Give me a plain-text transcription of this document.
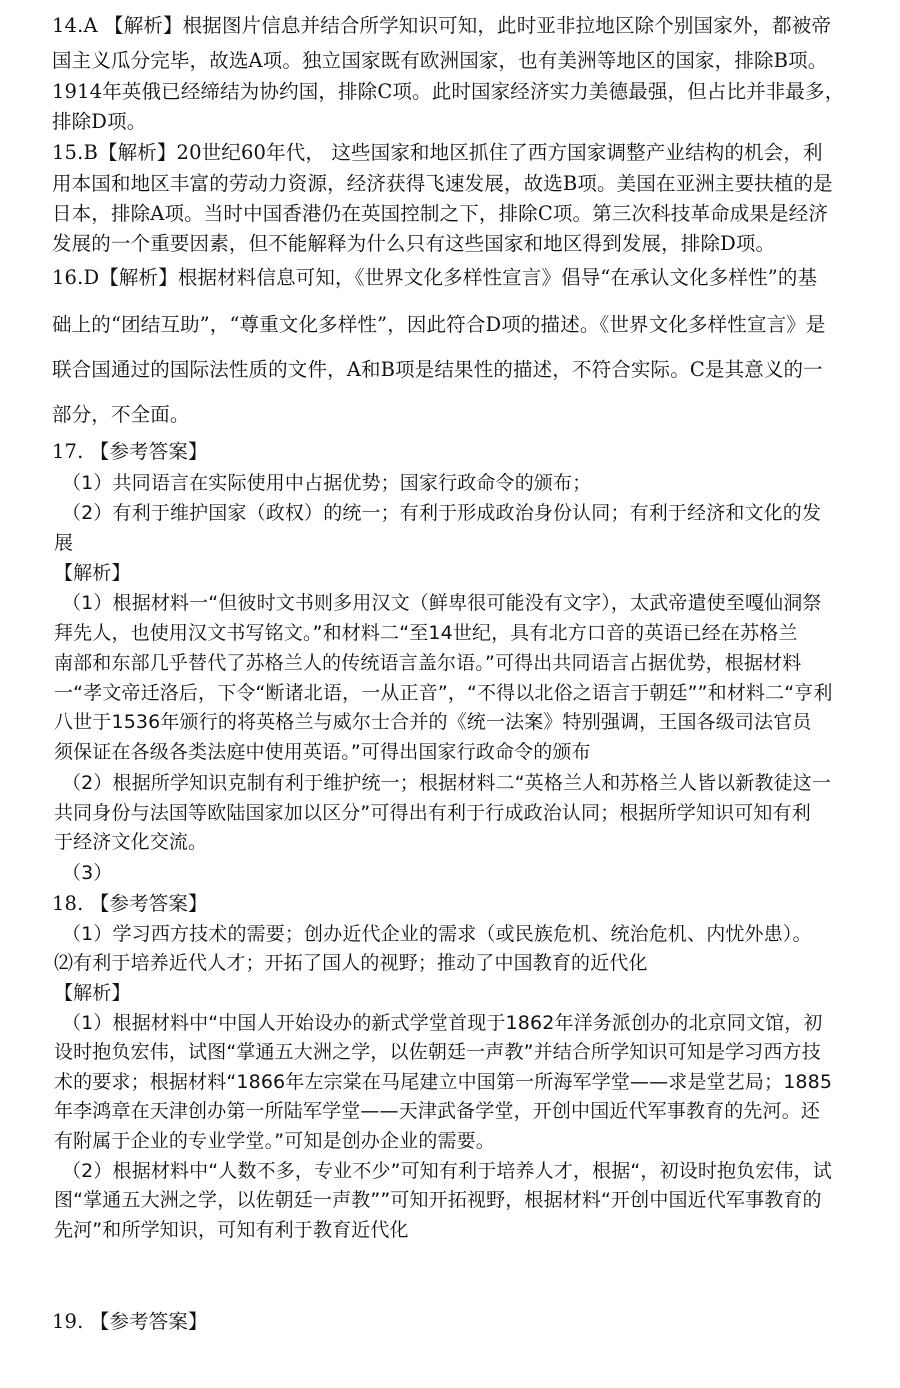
14.A 【解析】根据图片信息并结合所学知识可知，此时亚非拉地区除个别国家外，都被帝
国主义瓜分完毕，故选A项。独立国家既有欧洲国家，也有美洲等地区的国家，排除B项。
1914年英俄已经缔结为协约国，排除C项。此时国家经济实力美德最强，但占比并非最多，
排除D项。
15.B【解析】20世纪60年代， 这些国家和地区抓住了西方国家调整产业结构的机会，利
用本国和地区丰富的劳动力资源，经济获得飞速发展，故选B项。美国在亚洲主要扶植的是
日本，排除A项。当时中国香港仍在英国控制之下，排除C项。第三次科技革命成果是经济
发展的一个重要因素，但不能解释为什么只有这些国家和地区得到发展，排除D项。
16.D【解析】根据材料信息可知，《世界文化多样性宣言》倡导“在承认文化多样性”的基
础上的“团结互助”，“尊重文化多样性”，因此符合D项的描述。《世界文化多样性宣言》是
联合国通过的国际法性质的文件，A和B项是结果性的描述，不符合实际。C是其意义的一
部分，不全面。
17. 【参考答案】
（1）共同语言在实际使用中占据优势；国家行政命令的颁布；
（2）有利于维护国家（政权）的统一；有利于形成政治身份认同；有利于经济和文化的发
展
【解析】
（1）根据材料一“但彼时文书则多用汉文（鲜卑很可能没有文字），太武帝遣使至嘎仙洞祭
拜先人，也使用汉文书写铭文。”和材料二“至14世纪，具有北方口音的英语已经在苏格兰
南部和东部几乎替代了苏格兰人的传统语言盖尔语。”可得出共同语言占据优势，根据材料
一“孝文帝迁洛后，下令“断诸北语，一从正音”，“不得以北俗之语言于朝廷””和材料二“亨利
八世于1536年颁行的将英格兰与威尔士合并的《统一法案》特别强调，王国各级司法官员
须保证在各级各类法庭中使用英语。”可得出国家行政命令的颁布
（2）根据所学知识克制有利于维护统一；根据材料二“英格兰人和苏格兰人皆以新教徒这一
共同身份与法国等欧陆国家加以区分”可得出有利于行成政治认同；根据所学知识可知有利
于经济文化交流。
（3）
18. 【参考答案】
（1）学习西方技术的需要；创办近代企业的需求（或民族危机、统治危机、内忧外患）。
⑵有利于培养近代人才；开拓了国人的视野；推动了中国教育的近代化
【解析】
（1）根据材料中“中国人开始设办的新式学堂首现于1862年洋务派创办的北京同文馆，初
设时抱负宏伟，试图“掌通五大洲之学，以佐朝廷一声教”并结合所学知识可知是学习西方技
术的要求；根据材料“1866年左宗棠在马尾建立中国第一所海军学堂——求是堂艺局；1885
年李鸿章在天津创办第一所陆军学堂——天津武备学堂，开创中国近代军事教育的先河。还
有附属于企业的专业学堂。”可知是创办企业的需要。
（2）根据材料中“人数不多，专业不少”可知有利于培养人才，根据“，初设时抱负宏伟，试
图“掌通五大洲之学，以佐朝廷一声教””可知开拓视野，根据材料“开创中国近代军事教育的
先河”和所学知识，可知有利于教育近代化
19. 【参考答案】
